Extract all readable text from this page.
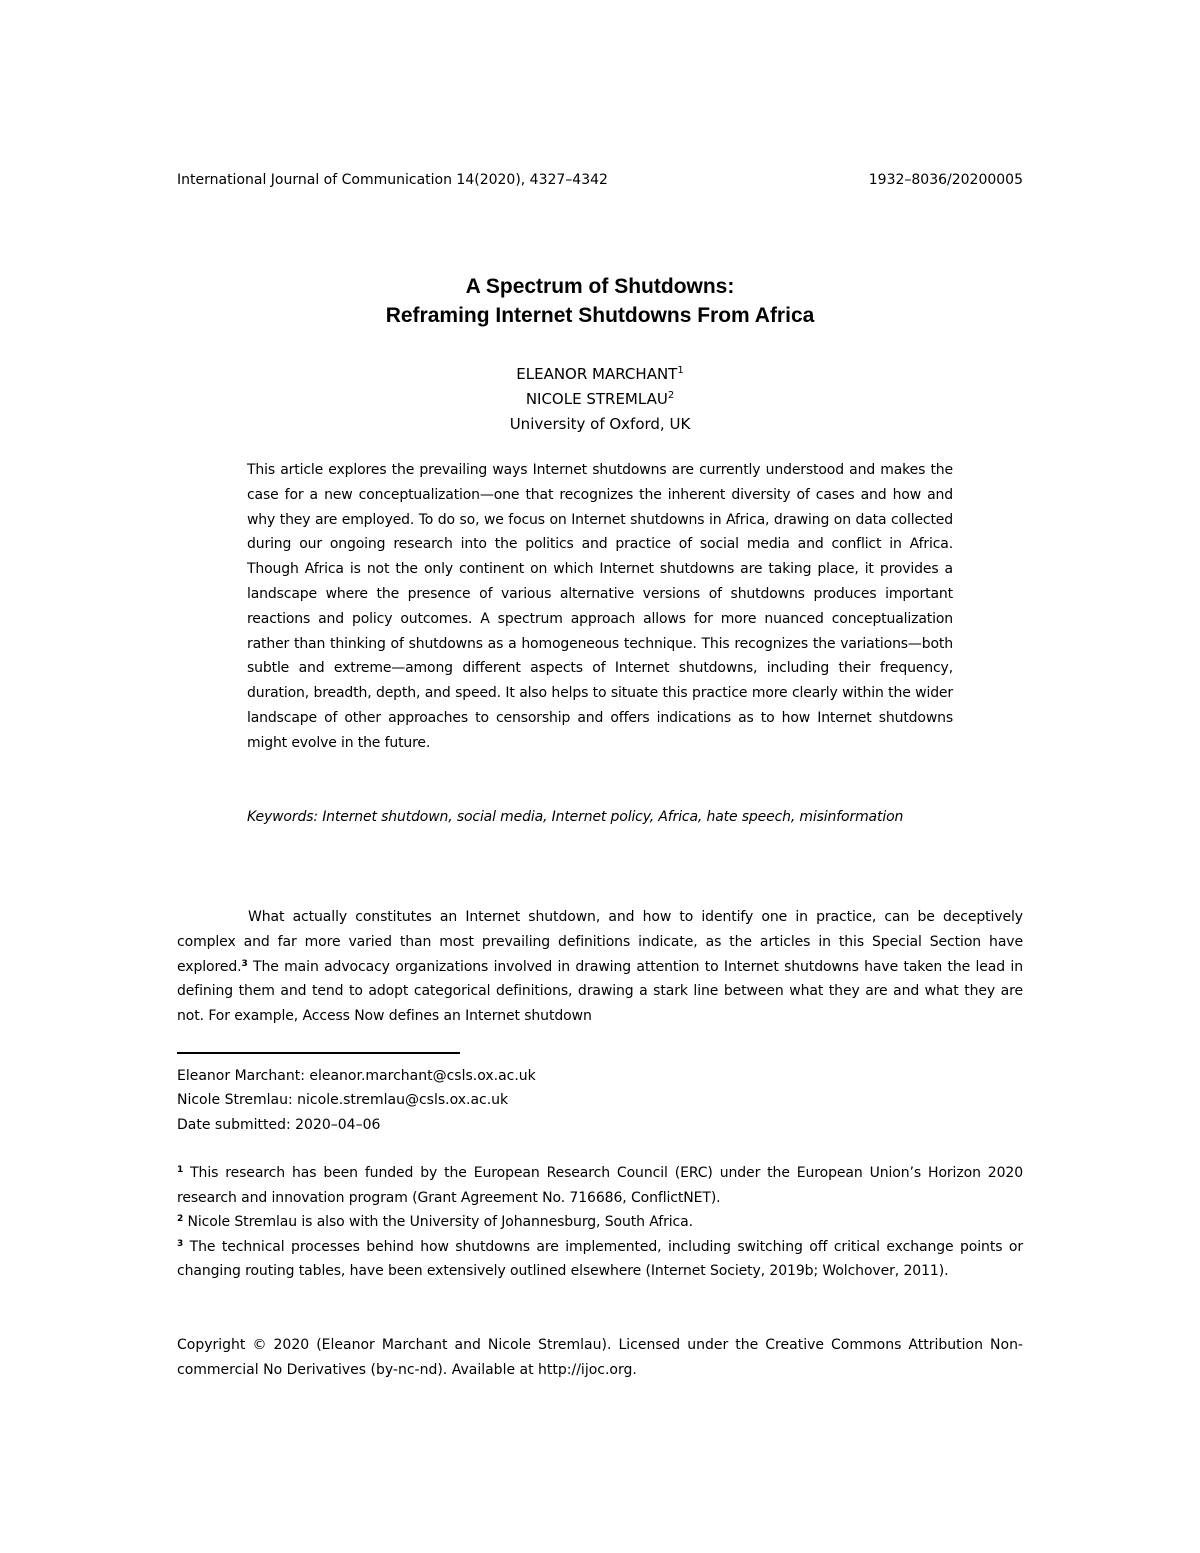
International Journal of Communication 14(2020), 4327–4342	1932–8036/20200005
A Spectrum of Shutdowns:
Reframing Internet Shutdowns From Africa
ELEANOR MARCHANT$^1$
NICOLE STREMLAU$^2$
University of Oxford, UK

This article explores the prevailing ways Internet shutdowns are currently understood and makes the case for a new conceptualization—one that recognizes the inherent diversity of cases and how and why they are employed. To do so, we focus on Internet shutdowns in Africa, drawing on data collected during our ongoing research into the politics and practice of social media and conflict in Africa. Though Africa is not the only continent on which Internet shutdowns are taking place, it provides a landscape where the presence of various alternative versions of shutdowns produces important reactions and policy outcomes. A spectrum approach allows for more nuanced conceptualization rather than thinking of shutdowns as a homogeneous technique. This recognizes the variations—both subtle and extreme—among different aspects of Internet shutdowns, including their frequency, duration, breadth, depth, and speed. It also helps to situate this practice more clearly within the wider landscape of other approaches to censorship and offers indications as to how Internet shutdowns might evolve in the future.

Keywords: Internet shutdown, social media, Internet policy, Africa, hate speech, misinformation

What actually constitutes an Internet shutdown, and how to identify one in practice, can be deceptively complex and far more varied than most prevailing definitions indicate, as the articles in this Special Section have explored.$^3$ The main advocacy organizations involved in drawing attention to Internet shutdowns have taken the lead in defining them and tend to adopt categorical definitions, drawing a stark line between what they are and what they are not. For example, Access Now defines an Internet shutdown

Eleanor Marchant: eleanor.marchant@csls.ox.ac.uk
Nicole Stremlau: nicole.stremlau@csls.ox.ac.uk
Date submitted: 2020–04–06

$^1$ This research has been funded by the European Research Council (ERC) under the European Union’s Horizon 2020 research and innovation program (Grant Agreement No. 716686, ConflictNET).

$^2$ Nicole Stremlau is also with the University of Johannesburg, South Africa.

$^3$ The technical processes behind how shutdowns are implemented, including switching off critical exchange points or changing routing tables, have been extensively outlined elsewhere (Internet Society, 2019b; Wolchover, 2011).

Copyright © 2020 (Eleanor Marchant and Nicole Stremlau). Licensed under the Creative Commons Attribution Non-commercial No Derivatives (by-nc-nd). Available at http://ijoc.org.
